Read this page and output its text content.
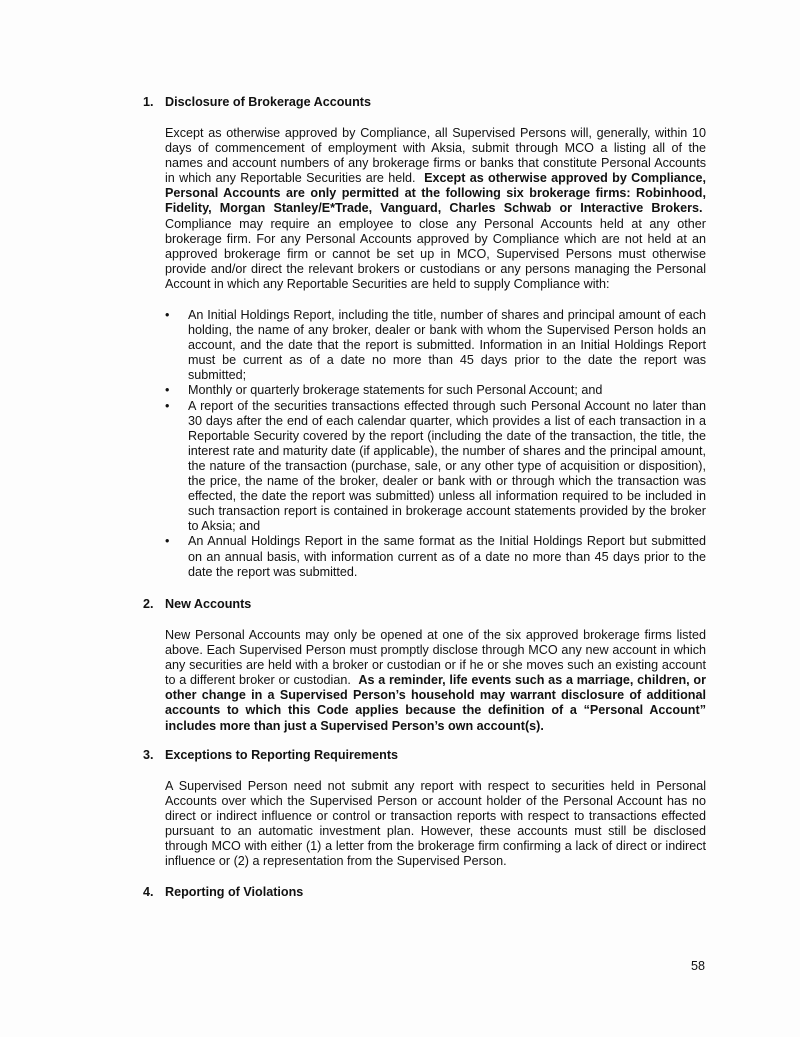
1. Disclosure of Brokerage Accounts
Except as otherwise approved by Compliance, all Supervised Persons will, generally, within 10 days of commencement of employment with Aksia, submit through MCO a listing all of the names and account numbers of any brokerage firms or banks that constitute Personal Accounts in which any Reportable Securities are held. Except as otherwise approved by Compliance, Personal Accounts are only permitted at the following six brokerage firms: Robinhood, Fidelity, Morgan Stanley/E*Trade, Vanguard, Charles Schwab or Interactive Brokers.  Compliance may require an employee to close any Personal Accounts held at any other brokerage firm. For any Personal Accounts approved by Compliance which are not held at an approved brokerage firm or cannot be set up in MCO, Supervised Persons must otherwise provide and/or direct the relevant brokers or custodians or any persons managing the Personal Account in which any Reportable Securities are held to supply Compliance with:
• An Initial Holdings Report, including the title, number of shares and principal amount of each holding, the name of any broker, dealer or bank with whom the Supervised Person holds an account, and the date that the report is submitted. Information in an Initial Holdings Report must be current as of a date no more than 45 days prior to the date the report was submitted;
• Monthly or quarterly brokerage statements for such Personal Account; and
• A report of the securities transactions effected through such Personal Account no later than 30 days after the end of each calendar quarter, which provides a list of each transaction in a Reportable Security covered by the report (including the date of the transaction, the title, the interest rate and maturity date (if applicable), the number of shares and the principal amount, the nature of the transaction (purchase, sale, or any other type of acquisition or disposition), the price, the name of the broker, dealer or bank with or through which the transaction was effected, the date the report was submitted) unless all information required to be included in such transaction report is contained in brokerage account statements provided by the broker to Aksia; and
• An Annual Holdings Report in the same format as the Initial Holdings Report but submitted on an annual basis, with information current as of a date no more than 45 days prior to the date the report was submitted.
2. New Accounts
New Personal Accounts may only be opened at one of the six approved brokerage firms listed above. Each Supervised Person must promptly disclose through MCO any new account in which any securities are held with a broker or custodian or if he or she moves such an existing account to a different broker or custodian. As a reminder, life events such as a marriage, children, or other change in a Supervised Person’s household may warrant disclosure of additional accounts to which this Code applies because the definition of a “Personal Account” includes more than just a Supervised Person’s own account(s).
3. Exceptions to Reporting Requirements
A Supervised Person need not submit any report with respect to securities held in Personal Accounts over which the Supervised Person or account holder of the Personal Account has no direct or indirect influence or control or transaction reports with respect to transactions effected pursuant to an automatic investment plan. However, these accounts must still be disclosed through MCO with either (1) a letter from the brokerage firm confirming a lack of direct or indirect influence or (2) a representation from the Supervised Person.
4. Reporting of Violations
58
